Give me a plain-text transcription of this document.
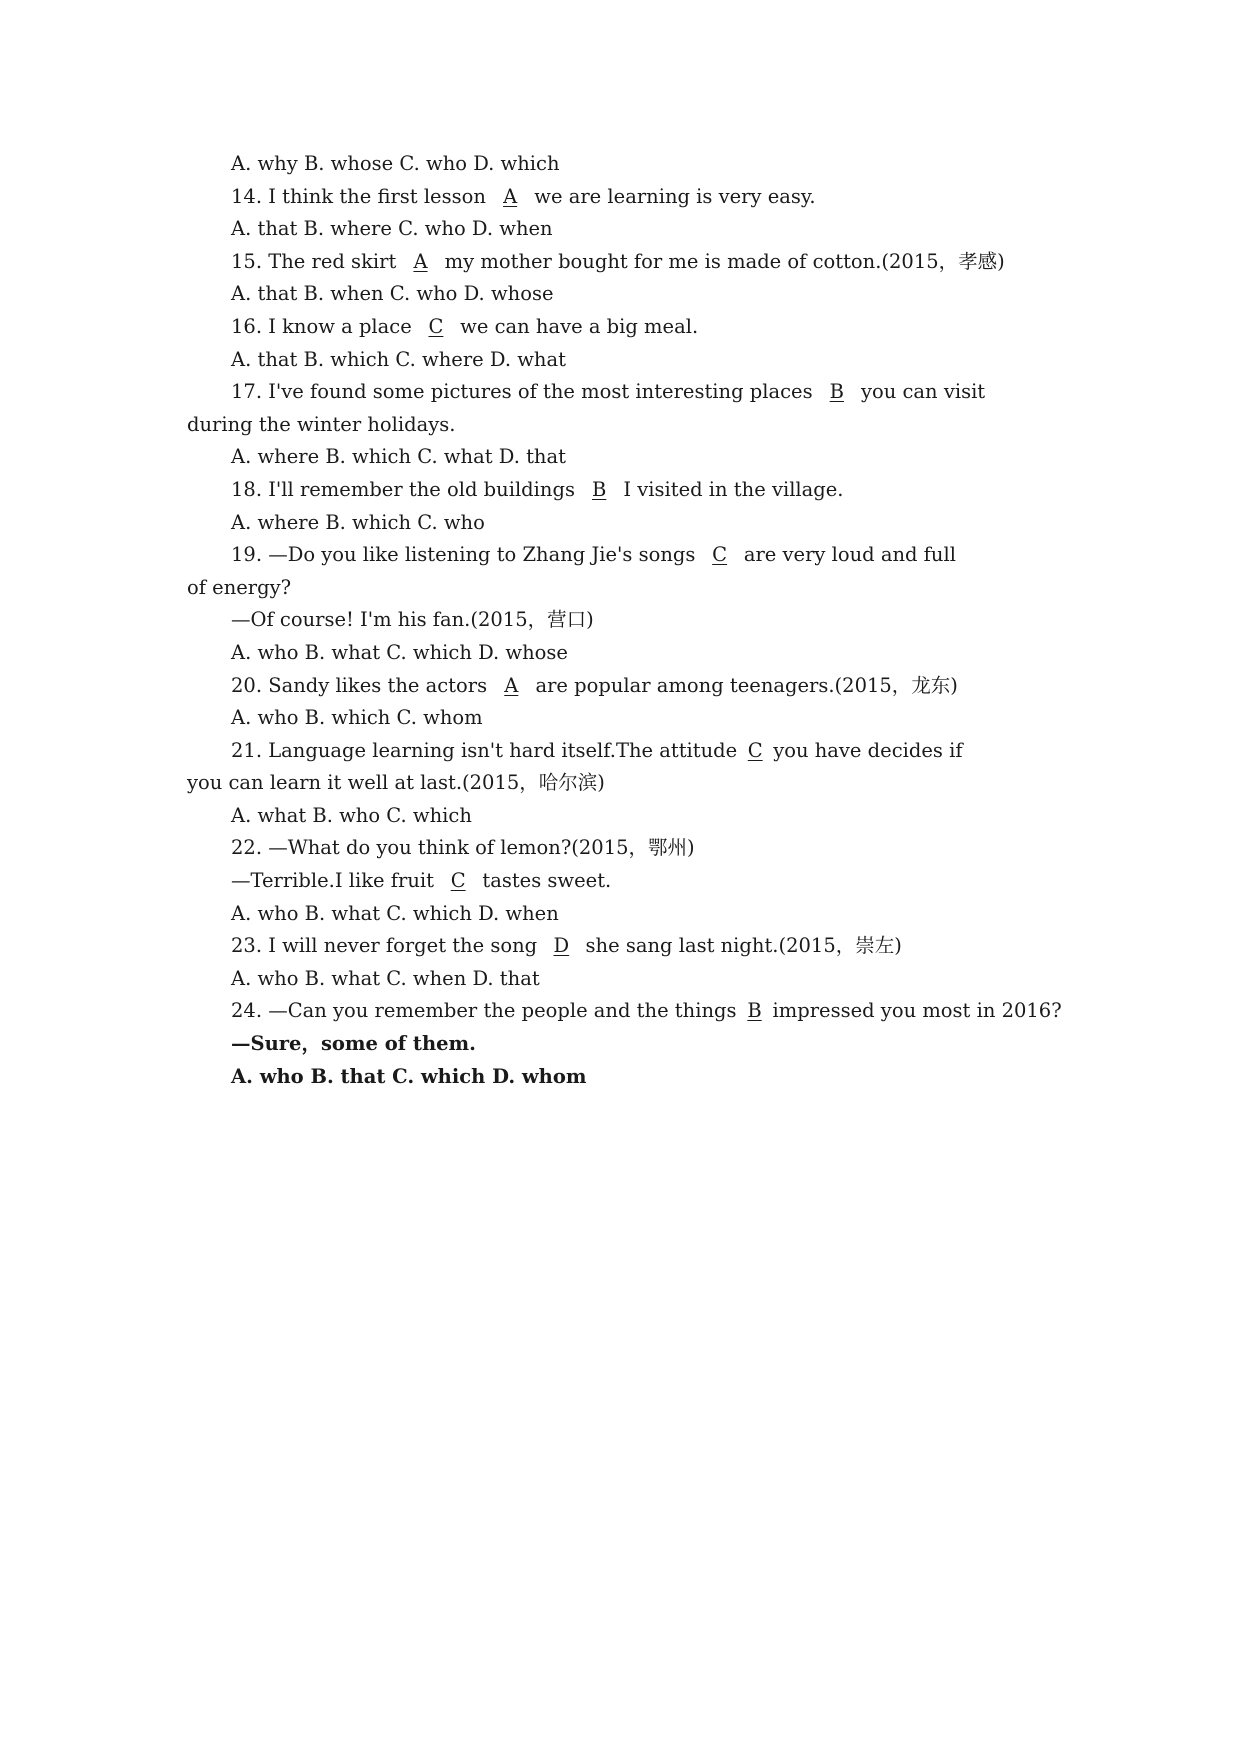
A. why B. whose C. who D. which
14. I think the first lesson A we are learning is very easy.
A. that B. where C. who D. when
15. The red skirt A my mother bought for me is made of cotton.(2015，孝感)
A. that B. when C. who D. whose
16. I know a place C we can have a big meal.
A. that B. which C. where D. what
17. I've found some pictures of the most interesting places B you can visit
during the winter holidays.
A. where B. which C. what D. that
18. I'll remember the old buildings B I visited in the village.
A. where B. which C. who
19. —Do you like listening to Zhang Jie's songs C are very loud and full
of energy?
—Of course! I'm his fan.(2015，营口)
A. who B. what C. which D. whose
20. Sandy likes the actors A are popular among teenagers.(2015，龙东)
A. who B. which C. whom
21. Language learning isn't hard itself.The attitude C you have decides if
you can learn it well at last.(2015，哈尔滨)
A. what B. who C. which
22. —What do you think of lemon?(2015，鄂州)
—Terrible.I like fruit C tastes sweet.
A. who B. what C. which D. when
23. I will never forget the song D she sang last night.(2015，崇左)
A. who B. what C. when D. that
24. —Can you remember the people and the things B impressed you most in 2016?
—Sure，some of them.
A. who B. that C. which D. whom
